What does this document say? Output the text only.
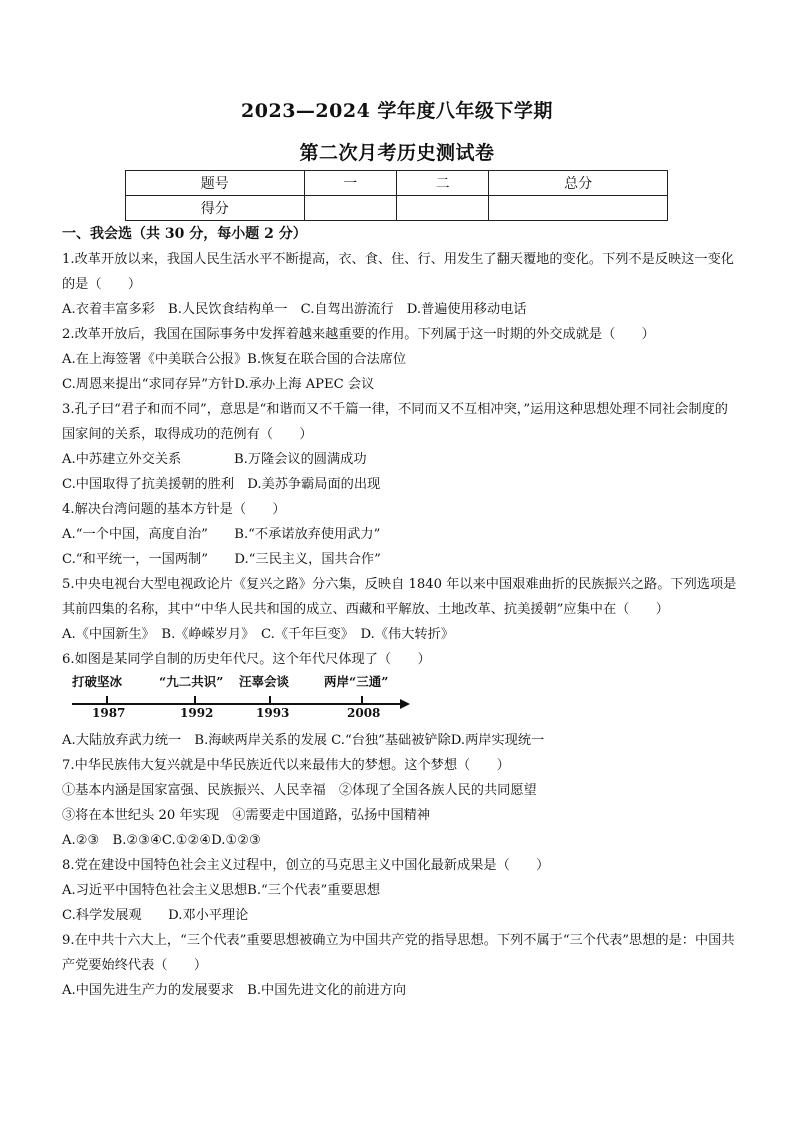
2023—2024 学年度八年级下学期
第二次月考历史测试卷
题号	一	二	总分
得分			
一、我会选（共 30 分，每小题 2 分）
1.改革开放以来，我国人民生活水平不断提高，衣、食、住、行、用发生了翻天覆地的变化。下列不是反映这一变化的是（　　）
A.衣着丰富多彩　B.人民饮食结构单一　C.自驾出游流行　D.普遍使用移动电话
2.改革开放后，我国在国际事务中发挥着越来越重要的作用。下列属于这一时期的外交成就是（　　）
A.在上海签署《中美联合公报》B.恢复在联合国的合法席位
C.周恩来提出“求同存异”方针D.承办上海 APEC 会议
3.孔子曰“君子和而不同”，意思是“和谐而又不千篇一律，不同而又不互相冲突，”运用这种思想处理不同社会制度的国家间的关系，取得成功的范例有（　　）
A.中苏建立外交关系　　　　B.万隆会议的圆满成功
C.中国取得了抗美援朝的胜利　D.美苏争霸局面的出现
4.解决台湾问题的基本方针是（　　）
A.“一个中国，高度自治”　　B.“不承诺放弃使用武力”
C.“和平统一，一国两制”　　D.“三民主义，国共合作”
5.中央电视台大型电视政论片《复兴之路》分六集，反映自 1840 年以来中国艰难曲折的民族振兴之路。下列选项是其前四集的名称，其中“中华人民共和国的成立、西藏和平解放、土地改革、抗美援朝”应集中在（　　）
A.《中国新生》　B.《峥嵘岁月》　C.《千年巨变》　D.《伟大转折》
6.如图是某同学自制的历史年代尺。这个年代尺体现了（　　）
打破坚冰	“九二共识” 汪辜会谈	两岸“三通”
1987	1992	1993	2008
A.大陆放弃武力统一　B.海峡两岸关系的发展 C.“台独”基础被铲除D.两岸实现统一
7.中华民族伟大复兴就是中华民族近代以来最伟大的梦想。这个梦想（　　）
①基本内涵是国家富强、民族振兴、人民幸福　②体现了全国各族人民的共同愿望
③将在本世纪头 20 年实现　④需要走中国道路，弘扬中国精神
A.②③　B.②③④C.①②④D.①②③
8.党在建设中国特色社会主义过程中，创立的马克思主义中国化最新成果是（　　）
A.习近平中国特色社会主义思想B.“三个代表”重要思想
C.科学发展观　　D.邓小平理论
9.在中共十六大上，“三个代表”重要思想被确立为中国共产党的指导思想。下列不属于“三个代表”思想的是：中国共产党要始终代表（　　）
A.中国先进生产力的发展要求　B.中国先进文化的前进方向
